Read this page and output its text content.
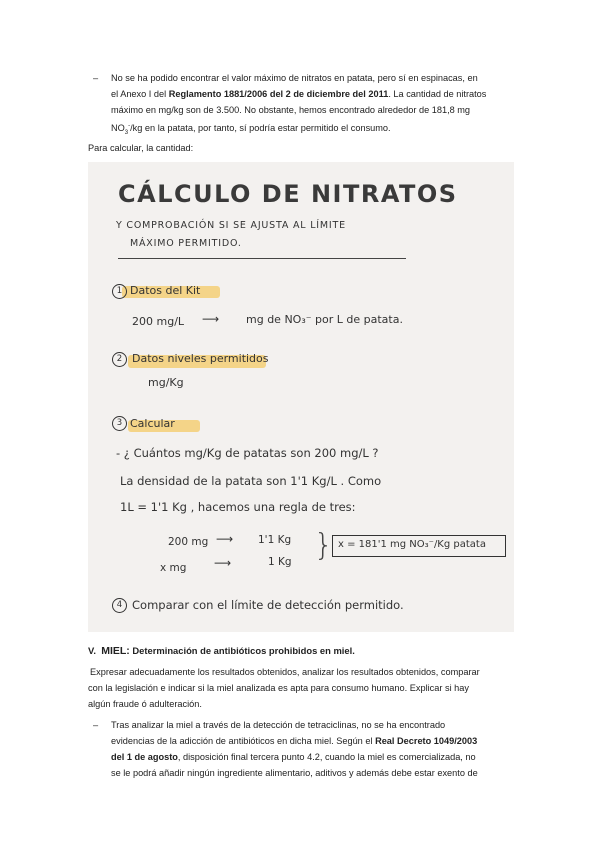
– No se ha podido encontrar el valor máximo de nitratos en patata, pero sí en espinacas, en
el Anexo I del Reglamento 1881/2006 del 2 de diciembre del 2011. La cantidad de nitratos
máximo en mg/kg son de 3.500. No obstante, hemos encontrado alrededor de 181,8 mg
$NO_3^-/kg$ en la patata, por tanto, sí podría estar permitido el consumo.
Para calcular, la cantidad:
CÁLCULO DE NITRATOS
Y COMPROBACIÓN SI SE AJUSTA AL LÍMITE
MÁXIMO PERMITIDO.
1 Datos del Kit
200 mg/L ⟶ mg de NO₃⁻ por L de patata.
2 Datos niveles permitidos
mg/Kg
3 Calcular
- ¿ Cuántos mg/Kg de patatas son 200 mg/L ?
La densidad de la patata son 1'1 Kg/L . Como
1L = 1'1 Kg , hacemos una regla de tres:
200 mg ⟶ 1'1 Kg
x mg ⟶	1 Kg } x = 181'1 mg NO₃⁻/Kg patata
4 Comparar con el límite de detección permitido.
V. MIEL: Determinación de antibióticos prohibidos en miel.
Expresar adecuadamente los resultados obtenidos, analizar los resultados obtenidos, comparar
con la legislación e indicar si la miel analizada es apta para consumo humano. Explicar si hay
algún fraude ó adulteración.
– Tras analizar la miel a través de la detección de tetraciclinas, no se ha encontrado
evidencias de la adicción de antibióticos en dicha miel. Según el Real Decreto 1049/2003
del 1 de agosto, disposición final tercera punto 4.2, cuando la miel es comercializada, no
se le podrá añadir ningún ingrediente alimentario, aditivos y además debe estar exento de
